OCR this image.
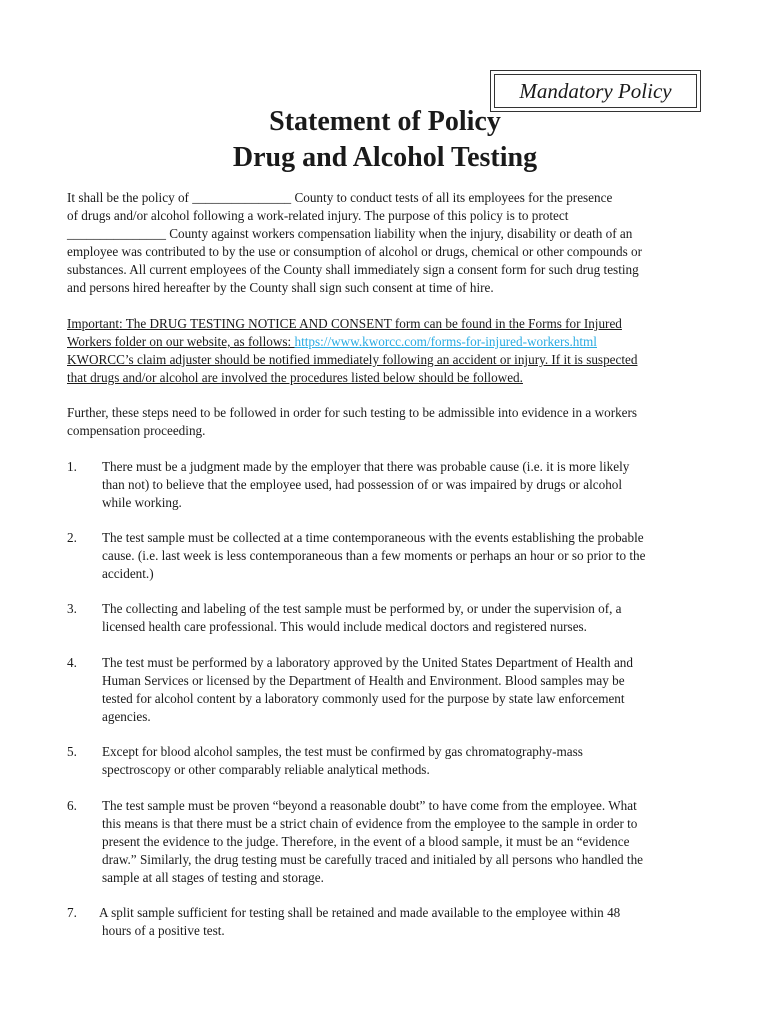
Mandatory Policy
Statement of Policy
Drug and Alcohol Testing
It shall be the policy of _______________ County to conduct tests of all its employees for the presence
of drugs and/or alcohol following a work-related injury. The purpose of this policy is to protect
_______________ County against workers compensation liability when the injury, disability or death of an
employee was contributed to by the use or consumption of alcohol or drugs, chemical or other compounds or
substances. All current employees of the County shall immediately sign a consent form for such drug testing
and persons hired hereafter by the County shall sign such consent at time of hire.
Important: The DRUG TESTING NOTICE AND CONSENT form can be found in the Forms for Injured
Workers folder on our website, as follows: https://www.kworcc.com/forms-for-injured-workers.html
KWORCC’s claim adjuster should be notified immediately following an accident or injury. If it is suspected
that drugs and/or alcohol are involved the procedures listed below should be followed.
Further, these steps need to be followed in order for such testing to be admissible into evidence in a workers
compensation proceeding.
1. There must be a judgment made by the employer that there was probable cause (i.e. it is more likely
than not) to believe that the employee used, had possession of or was impaired by drugs or alcohol
while working.
2. The test sample must be collected at a time contemporaneous with the events establishing the probable
cause. (i.e. last week is less contemporaneous than a few moments or perhaps an hour or so prior to the
accident.)
3. The collecting and labeling of the test sample must be performed by, or under the supervision of, a
licensed health care professional. This would include medical doctors and registered nurses.
4. The test must be performed by a laboratory approved by the United States Department of Health and
Human Services or licensed by the Department of Health and Environment. Blood samples may be
tested for alcohol content by a laboratory commonly used for the purpose by state law enforcement
agencies.
5. Except for blood alcohol samples, the test must be confirmed by gas chromatography-mass
spectroscopy or other comparably reliable analytical methods.
6. The test sample must be proven “beyond a reasonable doubt” to have come from the employee. What
this means is that there must be a strict chain of evidence from the employee to the sample in order to
present the evidence to the judge. Therefore, in the event of a blood sample, it must be an “evidence
draw.” Similarly, the drug testing must be carefully traced and initialed by all persons who handled the
sample at all stages of testing and storage.
7. A split sample sufficient for testing shall be retained and made available to the employee within 48
hours of a positive test.
